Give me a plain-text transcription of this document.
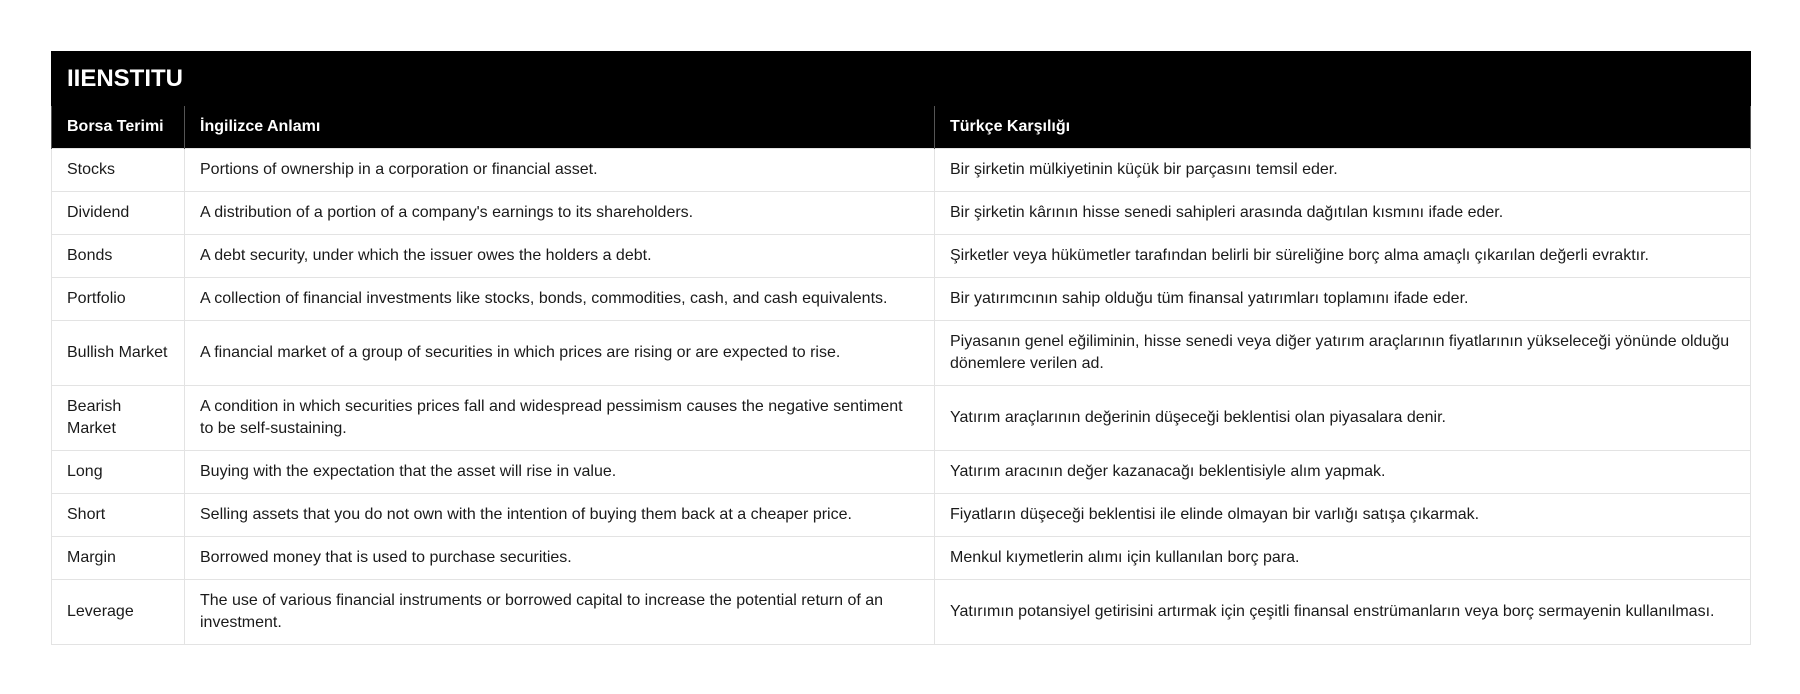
IIENSTITU		
Borsa Terimi	İngilizce Anlamı	Türkçe Karşılığı
Stocks	Portions of ownership in a corporation or financial asset.	Bir şirketin mülkiyetinin küçük bir parçasını temsil eder.
Dividend	A distribution of a portion of a company's earnings to its shareholders.	Bir şirketin kârının hisse senedi sahipleri arasında dağıtılan kısmını ifade eder.
Bonds	A debt security, under which the issuer owes the holders a debt.	Şirketler veya hükümetler tarafından belirli bir süreliğine borç alma amaçlı çıkarılan değerli evraktır.
Portfolio	A collection of financial investments like stocks, bonds, commodities, cash, and cash equivalents.	Bir yatırımcının sahip olduğu tüm finansal yatırımları toplamını ifade eder.
Bullish Market	A financial market of a group of securities in which prices are rising or are expected to rise.	Piyasanın genel eğiliminin, hisse senedi veya diğer yatırım araçlarının fiyatlarının yükseleceği yönünde olduğu dönemlere verilen ad.
Bearish Market	A condition in which securities prices fall and widespread pessimism causes the negative sentiment to be self-sustaining.	Yatırım araçlarının değerinin düşeceği beklentisi olan piyasalara denir.
Long	Buying with the expectation that the asset will rise in value.	Yatırım aracının değer kazanacağı beklentisiyle alım yapmak.
Short	Selling assets that you do not own with the intention of buying them back at a cheaper price.	Fiyatların düşeceği beklentisi ile elinde olmayan bir varlığı satışa çıkarmak.
Margin	Borrowed money that is used to purchase securities.	Menkul kıymetlerin alımı için kullanılan borç para.
Leverage	The use of various financial instruments or borrowed capital to increase the potential return of an investment.	Yatırımın potansiyel getirisini artırmak için çeşitli finansal enstrümanların veya borç sermayenin kullanılması.
